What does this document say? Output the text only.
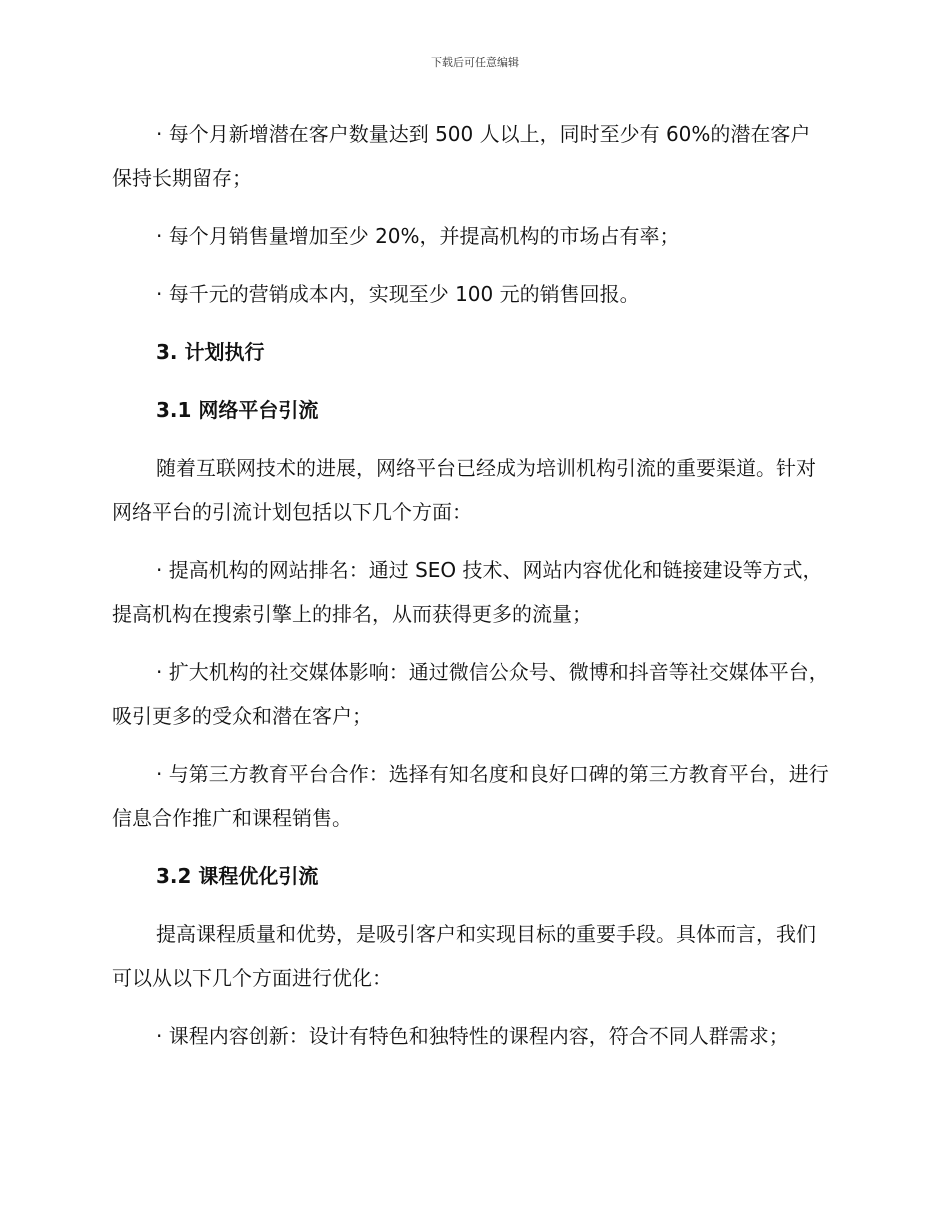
下载后可任意编辑
· 每个月新增潜在客户数量达到 500 人以上，同时至少有 60%的潜在客户保持长期留存；
· 每个月销售量增加至少 20%，并提高机构的市场占有率；
· 每千元的营销成本内，实现至少 100 元的销售回报。
3. 计划执行
3.1 网络平台引流
随着互联网技术的进展，网络平台已经成为培训机构引流的重要渠道。针对网络平台的引流计划包括以下几个方面：
· 提高机构的网站排名：通过 SEO 技术、网站内容优化和链接建设等方式，提高机构在搜索引擎上的排名，从而获得更多的流量；
· 扩大机构的社交媒体影响：通过微信公众号、微博和抖音等社交媒体平台，吸引更多的受众和潜在客户；
· 与第三方教育平台合作：选择有知名度和良好口碑的第三方教育平台，进行信息合作推广和课程销售。
3.2 课程优化引流
提高课程质量和优势，是吸引客户和实现目标的重要手段。具体而言，我们可以从以下几个方面进行优化：
· 课程内容创新：设计有特色和独特性的课程内容，符合不同人群需求；
